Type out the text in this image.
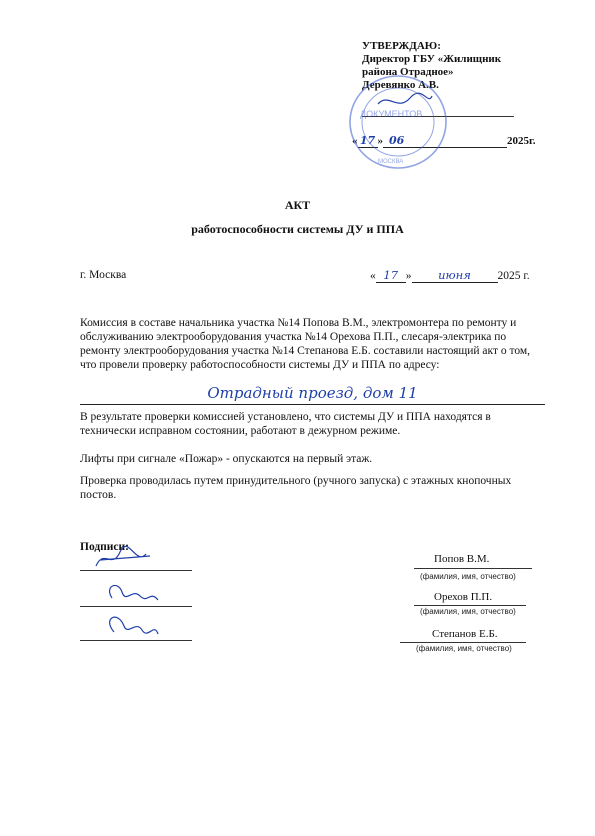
УТВЕРЖДАЮ:
Директор ГБУ «Жилищник
района Отрадное»
Деревянко А.В.
« 17 » 06	2025г.
ДОКУМЕНТОВ
МОСКВА
АКТ
работоспособности системы ДУ и ППА
г. Москва	« 17 » июня 2025 г.
Комиссия в составе начальника участка №14 Попова В.М., электромонтера по ремонту и обслуживанию электрооборудования участка №14 Орехова П.П., слесаря-электрика по ремонту электрооборудования участка №14 Степанова Е.Б. составили настоящий акт о том, что провели проверку работоспособности системы ДУ и ППА по адресу:
Отрадный проезд, дом 11
В результате проверки комиссией установлено, что системы ДУ и ППА находятся в технически исправном состоянии, работают в дежурном режиме.
Лифты при сигнале «Пожар» - опускаются на первый этаж.
Проверка проводилась путем принудительного (ручного запуска) с этажных кнопочных постов.
Подписи:
Попов В.М.
(фамилия, имя, отчество)
Орехов П.П.
(фамилия, имя, отчество)
Степанов Е.Б.
(фамилия, имя, отчество)
